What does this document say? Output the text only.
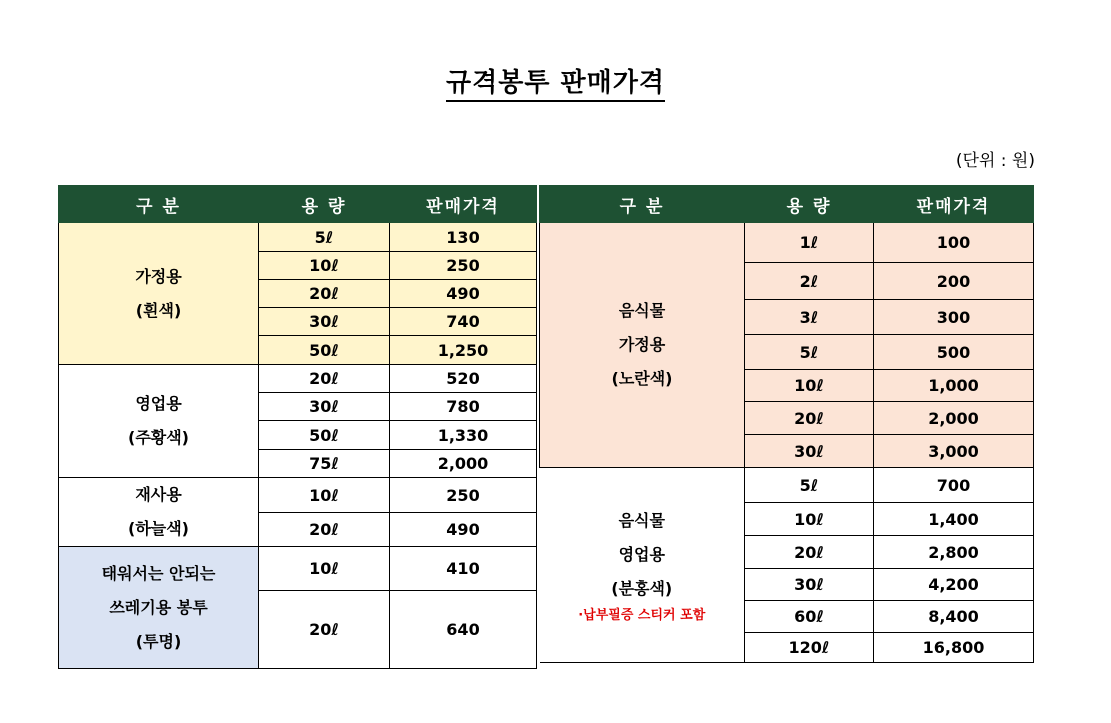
규격봉투 판매가격
(단위 : 원)
구 분	용 량	판매가격

가정용
(흰색)	5ℓ	130
	10ℓ	250
	20ℓ	490
	30ℓ	740
	50ℓ	1,250

영업용
(주황색)	20ℓ	520
	30ℓ	780
	50ℓ	1,330
	75ℓ	2,000

재사용
(하늘색)	10ℓ	250
	20ℓ	490

태워서는 안되는
쓰레기용 봉투
(투명)	10ℓ	410
	20ℓ	640
구 분	용 량	판매가격

음식물
가정용
(노란색)	1ℓ	100
	2ℓ	200
	3ℓ	300
	5ℓ	500
	10ℓ	1,000
	20ℓ	2,000
	30ℓ	3,000

음식물
영업용
(분홍색)
·납부필증 스티커 포함	5ℓ	700
	10ℓ	1,400
	20ℓ	2,800
	30ℓ	4,200
	60ℓ	8,400
	120ℓ	16,800
